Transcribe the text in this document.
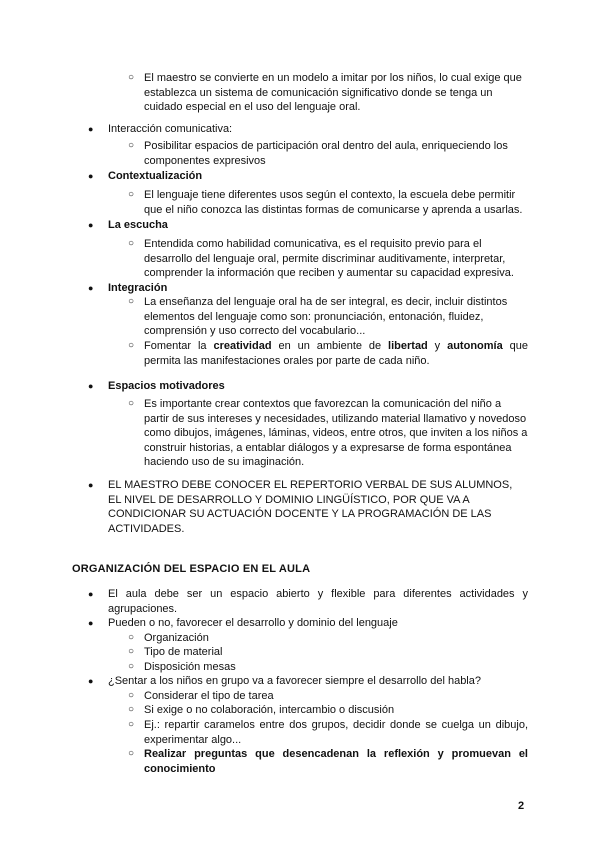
○ El maestro se convierte en un modelo a imitar por los niños, lo cual exige que establezca un sistema de comunicación significativo donde se tenga un cuidado especial en el uso del lenguaje oral.
● Interacción comunicativa:
○ Posibilitar espacios de participación oral dentro del aula, enriqueciendo los componentes expresivos
● Contextualización
○ El lenguaje tiene diferentes usos según el contexto, la escuela debe permitir que el niño conozca las distintas formas de comunicarse y aprenda a usarlas.
● La escucha
○ Entendida como habilidad comunicativa, es el requisito previo para el desarrollo del lenguaje oral, permite discriminar auditivamente, interpretar, comprender la información que reciben y aumentar su capacidad expresiva.
● Integración
○ La enseñanza del lenguaje oral ha de ser integral, es decir, incluir distintos elementos del lenguaje como son: pronunciación, entonación, fluidez, comprensión y uso correcto del vocabulario...
○ Fomentar la creatividad en un ambiente de libertad y autonomía que permita las manifestaciones orales por parte de cada niño.
● Espacios motivadores
○ Es importante crear contextos que favorezcan la comunicación del niño a partir de sus intereses y necesidades, utilizando material llamativo y novedoso como dibujos, imágenes, láminas, videos, entre otros, que inviten a los niños a construir historias, a entablar diálogos y a expresarse de forma espontánea haciendo uso de su imaginación.
● EL MAESTRO DEBE CONOCER EL REPERTORIO VERBAL DE SUS ALUMNOS, EL NIVEL DE DESARROLLO Y DOMINIO LINGÜÍSTICO, POR QUE VA A CONDICIONAR SU ACTUACIÓN DOCENTE Y LA PROGRAMACIÓN DE LAS ACTIVIDADES.
ORGANIZACIÓN DEL ESPACIO EN EL AULA
● El aula debe ser un espacio abierto y flexible para diferentes actividades y agrupaciones.
● Pueden o no, favorecer el desarrollo y dominio del lenguaje
○ Organización
○ Tipo de material
○ Disposición mesas
● ¿Sentar a los niños en grupo va a favorecer siempre el desarrollo del habla?
○ Considerar el tipo de tarea
○ Si exige o no colaboración, intercambio o discusión
○ Ej.: repartir caramelos entre dos grupos, decidir donde se cuelga un dibujo, experimentar algo...
○ Realizar preguntas que desencadenan la reflexión y promuevan el conocimiento
2
